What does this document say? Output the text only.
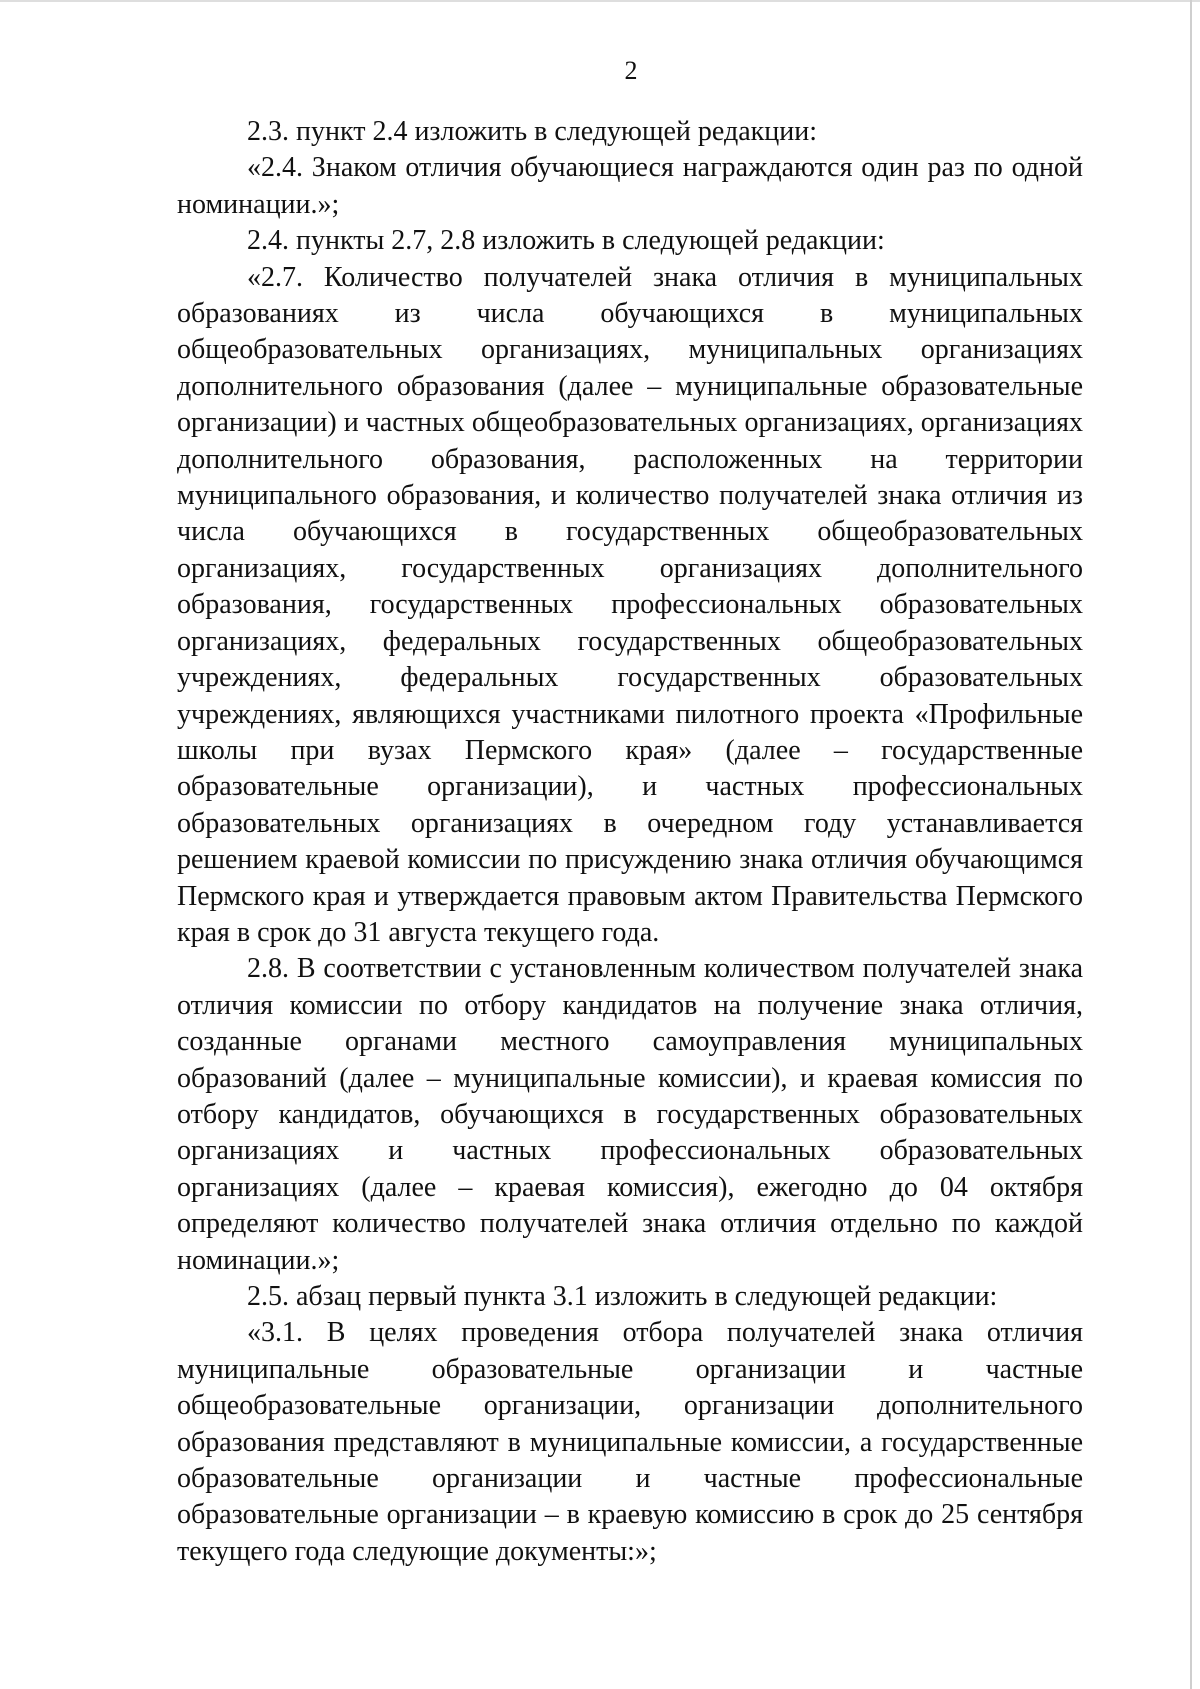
2

2.3. пункт 2.4 изложить в следующей редакции:

«2.4. Знаком отличия обучающиеся награждаются один раз по одной номинации.»;

2.4. пункты 2.7, 2.8 изложить в следующей редакции:

«2.7. Количество получателей знака отличия в муниципальных образованиях из числа обучающихся в муниципальных общеобразовательных организациях, муниципальных организациях дополнительного образования (далее – муниципальные образовательные организации) и частных общеобразовательных организациях, организациях дополнительного образования, расположенных на территории муниципального образования, и количество получателей знака отличия из числа обучающихся в государственных общеобразовательных организациях, государственных организациях дополнительного образования, государственных профессиональных образовательных организациях, федеральных государственных общеобразовательных учреждениях, федеральных государственных образовательных учреждениях, являющихся участниками пилотного проекта «Профильные школы при вузах Пермского края» (далее – государственные образовательные организации), и частных профессиональных образовательных организациях в очередном году устанавливается решением краевой комиссии по присуждению знака отличия обучающимся Пермского края и утверждается правовым актом Правительства Пермского края в срок до 31 августа текущего года.

2.8. В соответствии с установленным количеством получателей знака отличия комиссии по отбору кандидатов на получение знака отличия, созданные органами местного самоуправления муниципальных образований (далее – муниципальные комиссии), и краевая комиссия по отбору кандидатов, обучающихся в государственных образовательных организациях и частных профессиональных образовательных организациях (далее – краевая комиссия), ежегодно до 04 октября определяют количество получателей знака отличия отдельно по каждой номинации.»;

2.5. абзац первый пункта 3.1 изложить в следующей редакции:

«3.1. В целях проведения отбора получателей знака отличия муниципальные образовательные организации и частные общеобразовательные организации, организации дополнительного образования представляют в муниципальные комиссии, а государственные образовательные организации и частные профессиональные образовательные организации – в краевую комиссию в срок до 25 сентября текущего года следующие документы:»;
